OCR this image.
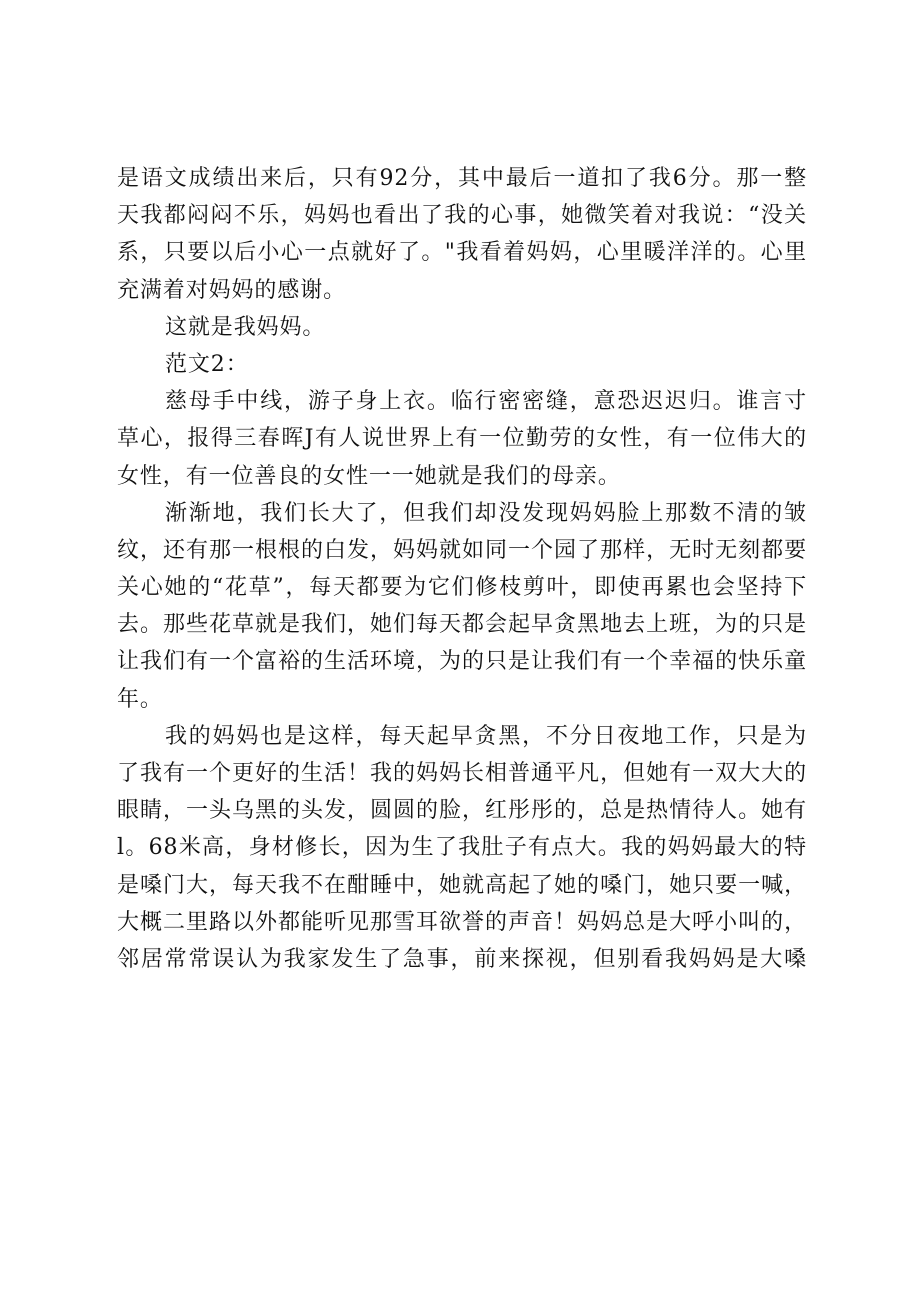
是语文成绩出来后，只有92分，其中最后一道扣了我6分。那一整
天我都闷闷不乐，妈妈也看出了我的心事，她微笑着对我说：“没关
系，只要以后小心一点就好了。"我看着妈妈，心里暖洋洋的。心里
充满着对妈妈的感谢。
这就是我妈妈。
范文2：
慈母手中线，游子身上衣。临行密密缝，意恐迟迟归。谁言寸
草心，报得三春晖J有人说世界上有一位勤劳的女性，有一位伟大的
女性，有一位善良的女性一一她就是我们的母亲。
渐渐地，我们长大了，但我们却没发现妈妈脸上那数不清的皱
纹，还有那一根根的白发，妈妈就如同一个园了那样，无时无刻都要
关心她的“花草”，每天都要为它们修枝剪叶，即使再累也会坚持下
去。那些花草就是我们，她们每天都会起早贪黑地去上班，为的只是
让我们有一个富裕的生活环境，为的只是让我们有一个幸福的快乐童
年。
我的妈妈也是这样，每天起早贪黑，不分日夜地工作，只是为
了我有一个更好的生活！我的妈妈长相普通平凡，但她有一双大大的
眼睛，一头乌黑的头发，圆圆的脸，红彤彤的，总是热情待人。她有
l。68米高，身材修长，因为生了我肚子有点大。我的妈妈最大的特
是嗓门大，每天我不在酣睡中，她就高起了她的嗓门，她只要一喊，
大概二里路以外都能听见那雪耳欲誉的声音！妈妈总是大呼小叫的，
邻居常常误认为我家发生了急事，前来探视，但别看我妈妈是大嗓
